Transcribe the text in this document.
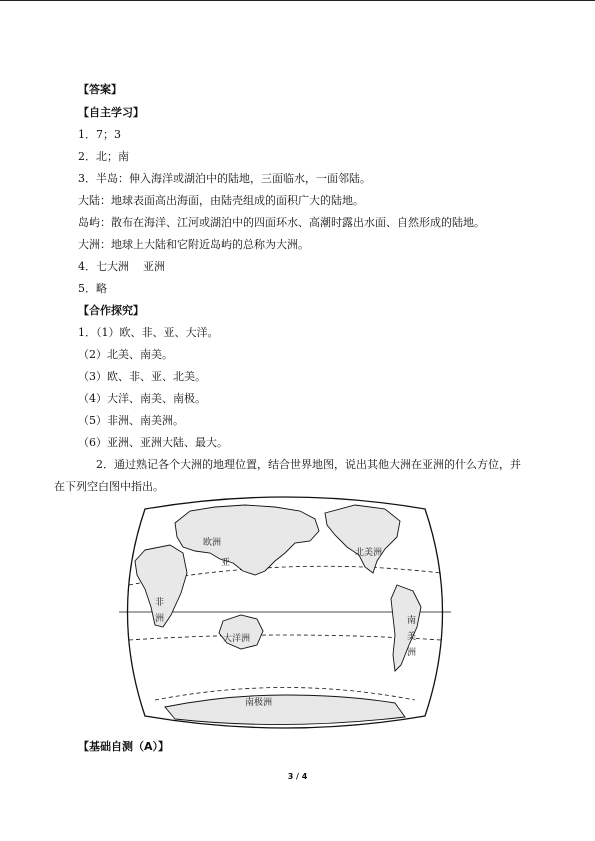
【答案】
【自主学习】
1．7；3
2．北；南
3．半岛：伸入海洋或湖泊中的陆地，三面临水，一面邻陆。
大陆：地球表面高出海面，由陆壳组成的面积广大的陆地。
岛屿：散布在海洋、江河或湖泊中的四面环水、高潮时露出水面、自然形成的陆地。
大洲：地球上大陆和它附近岛屿的总称为大洲。
4．七大洲    亚洲
5．略
【合作探究】
1．（1）欧、非、亚、大洋。
（2）北美、南美。
（3）欧、非、亚、北美。
（4）大洋、南美、南极。
（5）非洲、南美洲。
（6）亚洲、亚洲大陆、最大。
2．通过熟记各个大洲的地理位置，结合世界地图，说出其他大洲在亚洲的什么方位，并
在下列空白图中指出。
欧洲
亚
非
洲
北美洲
大洋洲
南
美
洲
南极洲
【基础自测（A）】
3 / 4
